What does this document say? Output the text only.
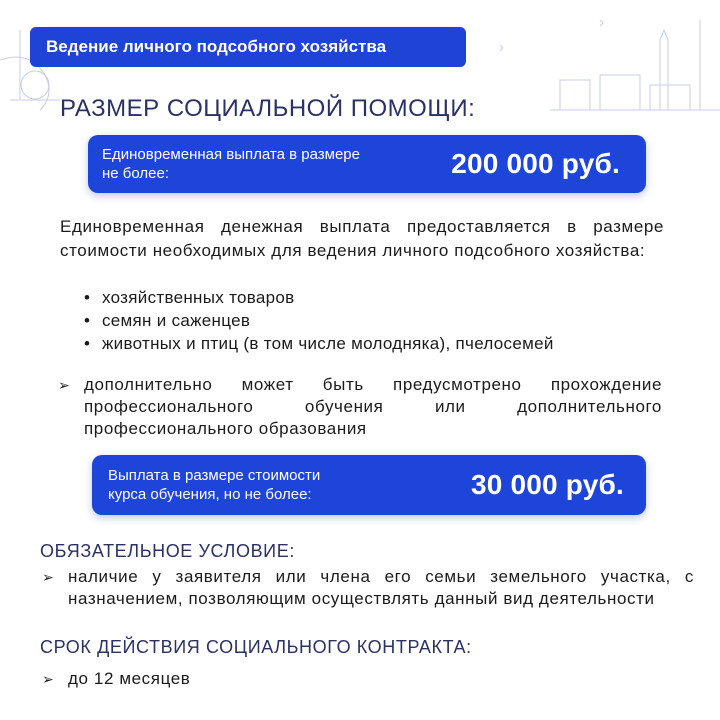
Ведение личного подсобного хозяйства
РАЗМЕР СОЦИАЛЬНОЙ ПОМОЩИ:
Единовременная выплата в размере
не более:	200 000 руб.
Единовременная денежная выплата предоставляется в размере стоимости необходимых для ведения личного подсобного хозяйства:
• хозяйственных товаров
• семян и саженцев
• животных и птиц (в том числе молодняка), пчелосемей
➢ дополнительно может быть предусмотрено прохождение профессионального обучения или дополнительного профессионального образования
Выплата в размере стоимости
курса обучения, но не более:	30 000 руб.
ОБЯЗАТЕЛЬНОЕ УСЛОВИЕ:
➢ наличие у заявителя или члена его семьи земельного участка, с назначением, позволяющим осуществлять данный вид деятельности
СРОК ДЕЙСТВИЯ СОЦИАЛЬНОГО КОНТРАКТА:
➢ до 12 месяцев
